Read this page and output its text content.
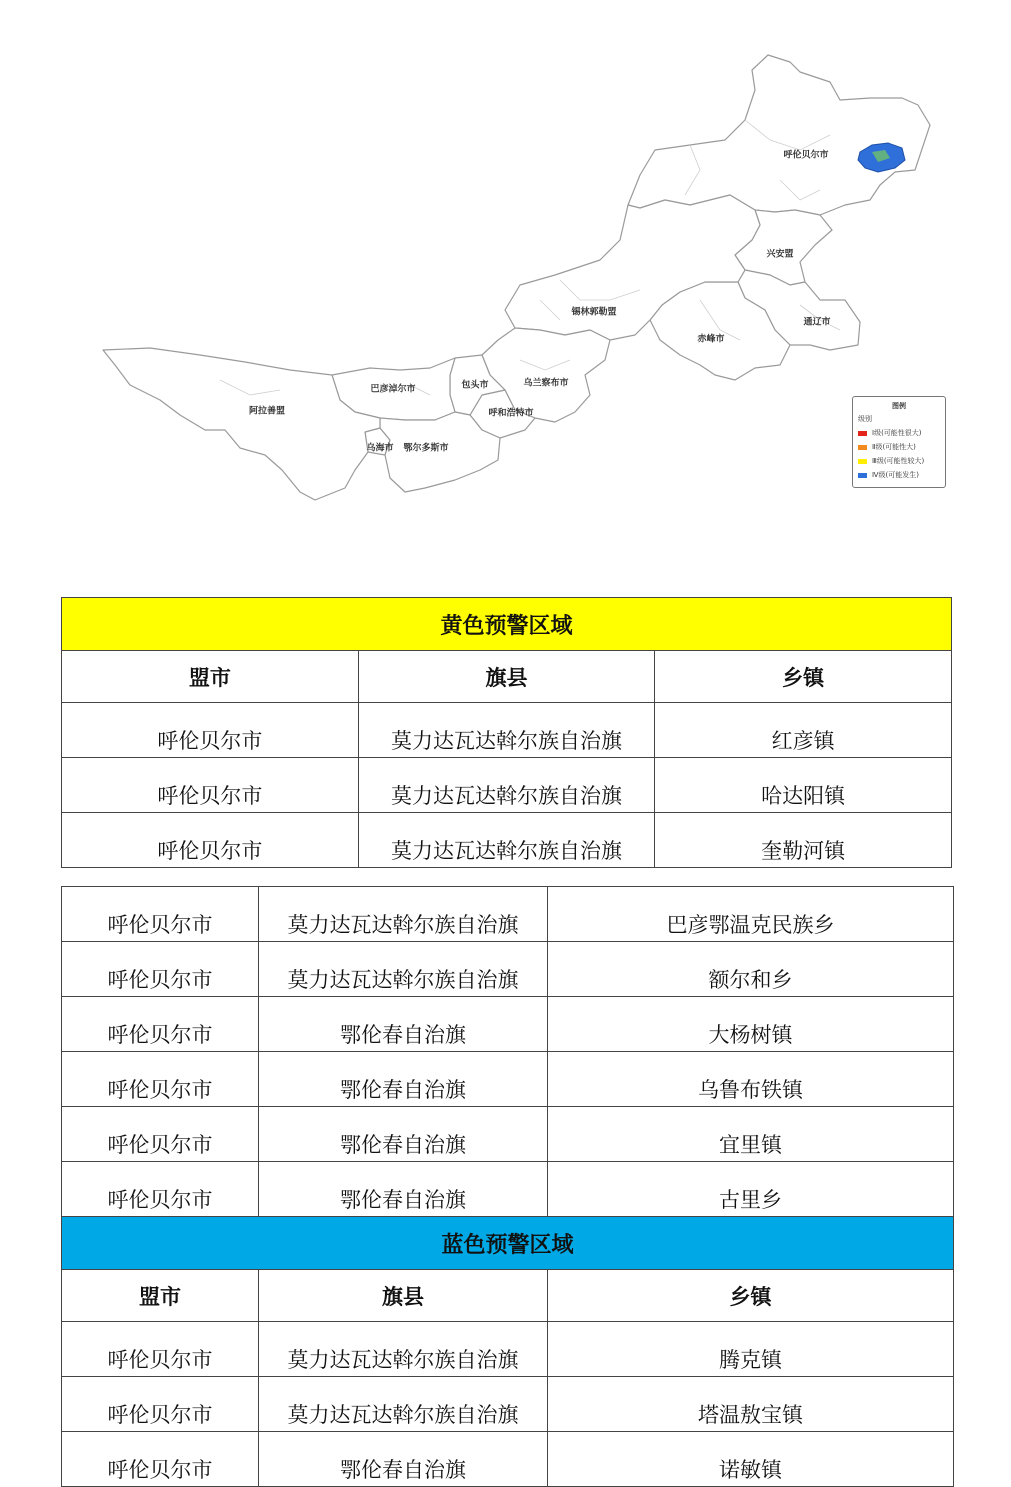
呼伦贝尔市
兴安盟
锡林郭勒盟
通辽市
赤峰市
乌兰察布市
包头市
呼和浩特市
巴彦淖尔市
阿拉善盟
乌海市 鄂尔多斯市
图例
级别
Ⅰ级(可能性很大)
Ⅱ级(可能性大)
Ⅲ级(可能性较大)
Ⅳ级(可能发生)
黄色预警区域		
盟市	旗县	乡镇
呼伦贝尔市	莫力达瓦达斡尔族自治旗	红彦镇
呼伦贝尔市	莫力达瓦达斡尔族自治旗	哈达阳镇
呼伦贝尔市	莫力达瓦达斡尔族自治旗	奎勒河镇
呼伦贝尔市	莫力达瓦达斡尔族自治旗	巴彦鄂温克民族乡
呼伦贝尔市	莫力达瓦达斡尔族自治旗	额尔和乡
呼伦贝尔市	鄂伦春自治旗	大杨树镇
呼伦贝尔市	鄂伦春自治旗	乌鲁布铁镇
呼伦贝尔市	鄂伦春自治旗	宜里镇
呼伦贝尔市	鄂伦春自治旗	古里乡
蓝色预警区域		
盟市	旗县	乡镇
呼伦贝尔市	莫力达瓦达斡尔族自治旗	腾克镇
呼伦贝尔市	莫力达瓦达斡尔族自治旗	塔温敖宝镇
呼伦贝尔市	鄂伦春自治旗	诺敏镇
